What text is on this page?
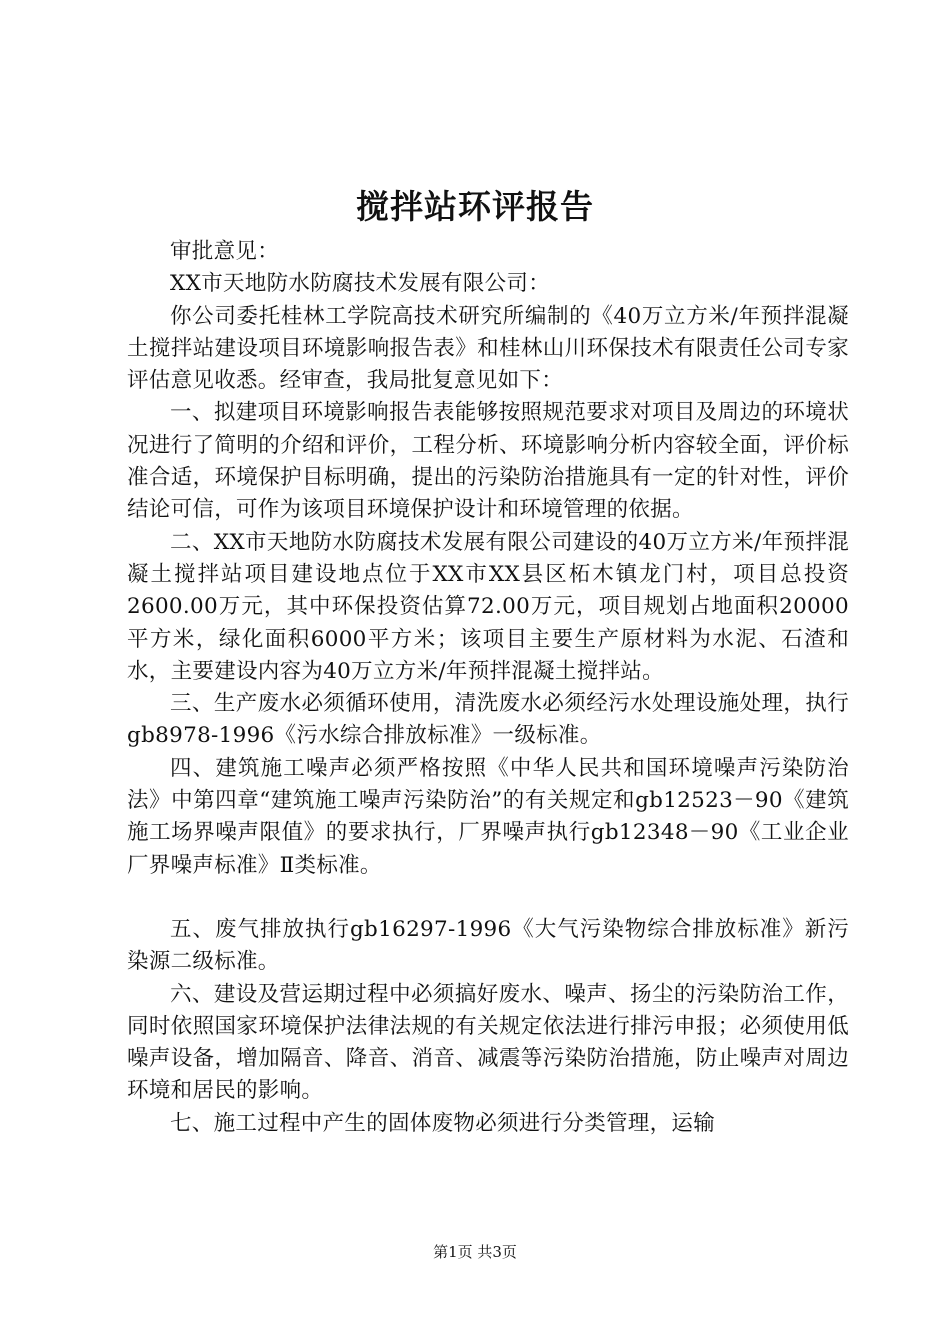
搅拌站环评报告

审批意见：

XX市天地防水防腐技术发展有限公司：

你公司委托桂林工学院高技术研究所编制的《40万立方米/年预拌混凝土搅拌站建设项目环境影响报告表》和桂林山川环保技术有限责任公司专家评估意见收悉。经审查，我局批复意见如下：

一、拟建项目环境影响报告表能够按照规范要求对项目及周边的环境状况进行了简明的介绍和评价，工程分析、环境影响分析内容较全面，评价标准合适，环境保护目标明确，提出的污染防治措施具有一定的针对性，评价结论可信，可作为该项目环境保护设计和环境管理的依据。

二、XX市天地防水防腐技术发展有限公司建设的40万立方米/年预拌混凝土搅拌站项目建设地点位于XX市XX县区柘木镇龙门村，项目总投资2600.00万元，其中环保投资估算72.00万元，项目规划占地面积20000平方米，绿化面积6000平方米；该项目主要生产原材料为水泥、石渣和水，主要建设内容为40万立方米/年预拌混凝土搅拌站。

三、生产废水必须循环使用，清洗废水必须经污水处理设施处理，执行gb8978-1996《污水综合排放标准》一级标准。

四、建筑施工噪声必须严格按照《中华人民共和国环境噪声污染防治法》中第四章“建筑施工噪声污染防治”的有关规定和gb12523－90《建筑施工场界噪声限值》的要求执行，厂界噪声执行gb12348－90《工业企业厂界噪声标准》Ⅱ类标准。

五、废气排放执行gb16297-1996《大气污染物综合排放标准》新污染源二级标准。

六、建设及营运期过程中必须搞好废水、噪声、扬尘的污染防治工作，同时依照国家环境保护法律法规的有关规定依法进行排污申报；必须使用低噪声设备，增加隔音、降音、消音、减震等污染防治措施，防止噪声对周边环境和居民的影响。

七、施工过程中产生的固体废物必须进行分类管理，运输

第1页 共3页
